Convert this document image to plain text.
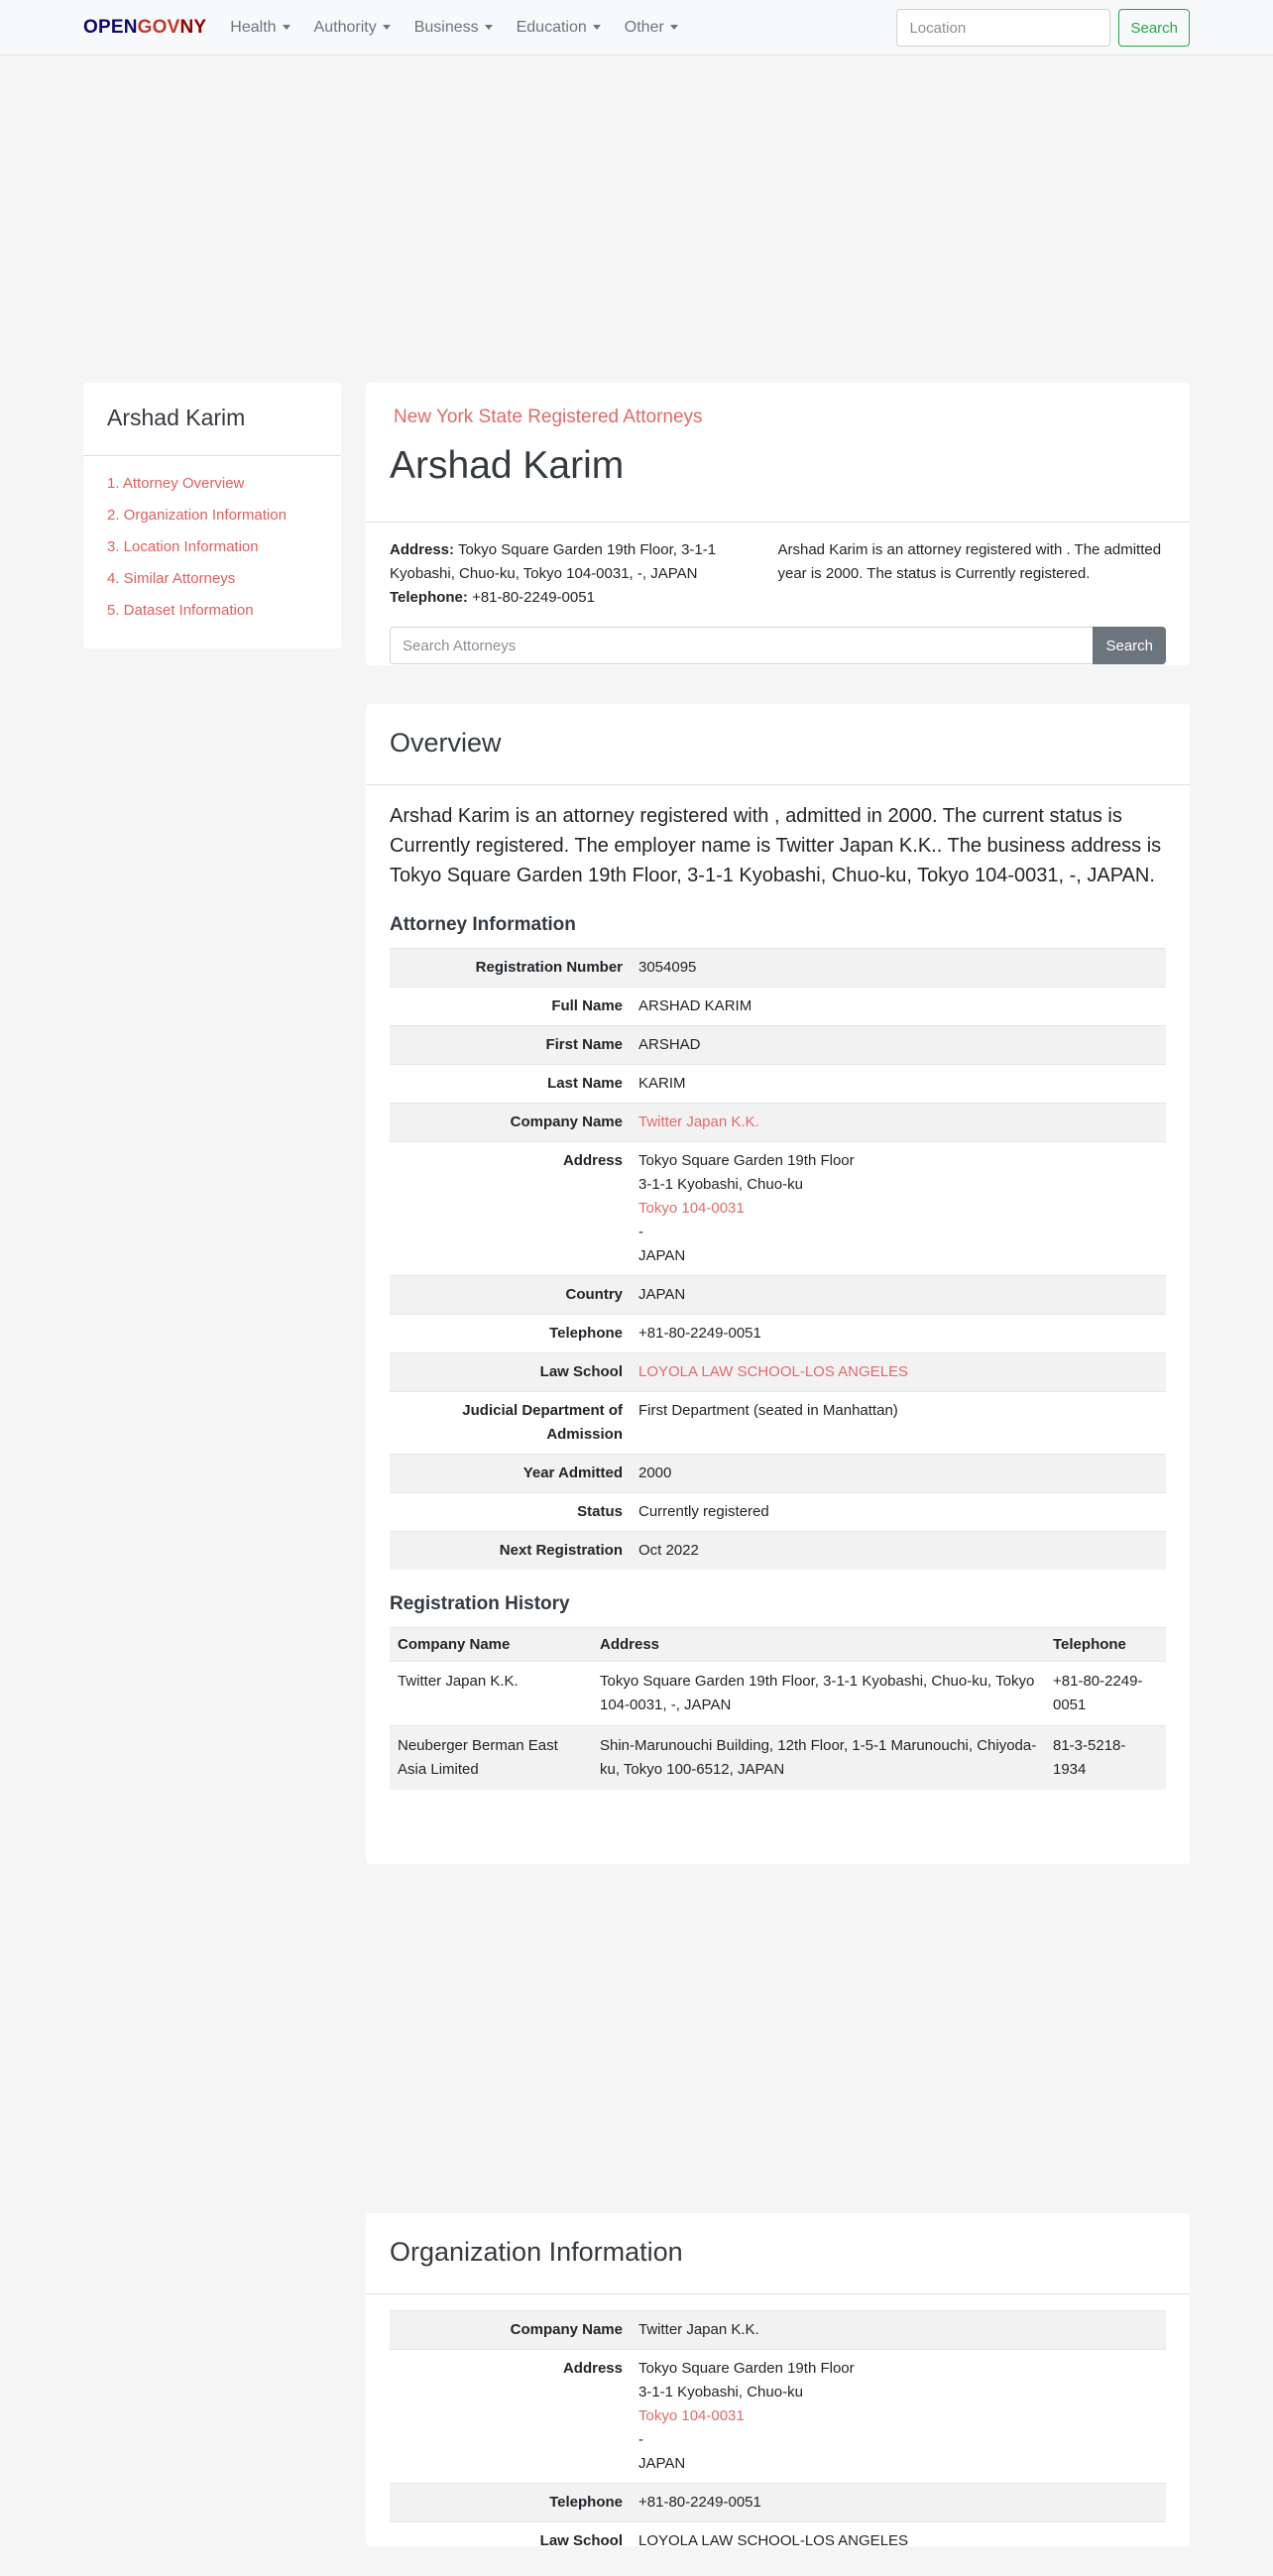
OPENGOVNY Health	Authority	Business	Education	Other
Location	Search
Arshad Karim
1. Attorney Overview
2. Organization Information
3. Location Information
4. Similar Attorneys
5. Dataset Information
New York State Registered Attorneys
Arshad Karim
Address: Tokyo Square Garden 19th Floor, 3-1-1 Kyobashi, Chuo-ku, Tokyo 104-0031, -, JAPAN
Telephone: +81-80-2249-0051
Arshad Karim is an attorney registered with . The admitted year is 2000. The status is Currently registered.
Search Attorneys
Search
Overview

Arshad Karim is an attorney registered with , admitted in 2000. The current status is Currently registered. The employer name is Twitter Japan K.K.. The business address is Tokyo Square Garden 19th Floor, 3-1-1 Kyobashi, Chuo-ku, Tokyo 104-0031, -, JAPAN.

Attorney Information
Registration Number	3054095
Full Name	ARSHAD KARIM
First Name	ARSHAD
Last Name	KARIM
Company Name	Twitter Japan K.K.
Address	Tokyo Square Garden 19th Floor
3-1-1 Kyobashi, Chuo-ku
Tokyo 104-0031
-
JAPAN

Country	JAPAN
Telephone	+81-80-2249-0051
Law School	LOYOLA LAW SCHOOL-LOS ANGELES
Judicial Department of Admission	First Department (seated in Manhattan)
Year Admitted	2000
Status	Currently registered
Next Registration	Oct 2022
Registration History
Company Name	Address	Telephone
Twitter Japan K.K.	Tokyo Square Garden 19th Floor, 3-1-1 Kyobashi, Chuo-ku, Tokyo 104-0031, -, JAPAN	+81-80-2249-0051
Neuberger Berman East Asia Limited	Shin-Marunouchi Building, 12th Floor, 1-5-1 Marunouchi, Chiyoda-ku, Tokyo 100-6512, JAPAN	81-3-5218-1934
Organization Information
Company Name	Twitter Japan K.K.
Address	Tokyo Square Garden 19th Floor
3-1-1 Kyobashi, Chuo-ku
Tokyo 104-0031
-
JAPAN

Telephone	+81-80-2249-0051
Law School	LOYOLA LAW SCHOOL-LOS ANGELES
